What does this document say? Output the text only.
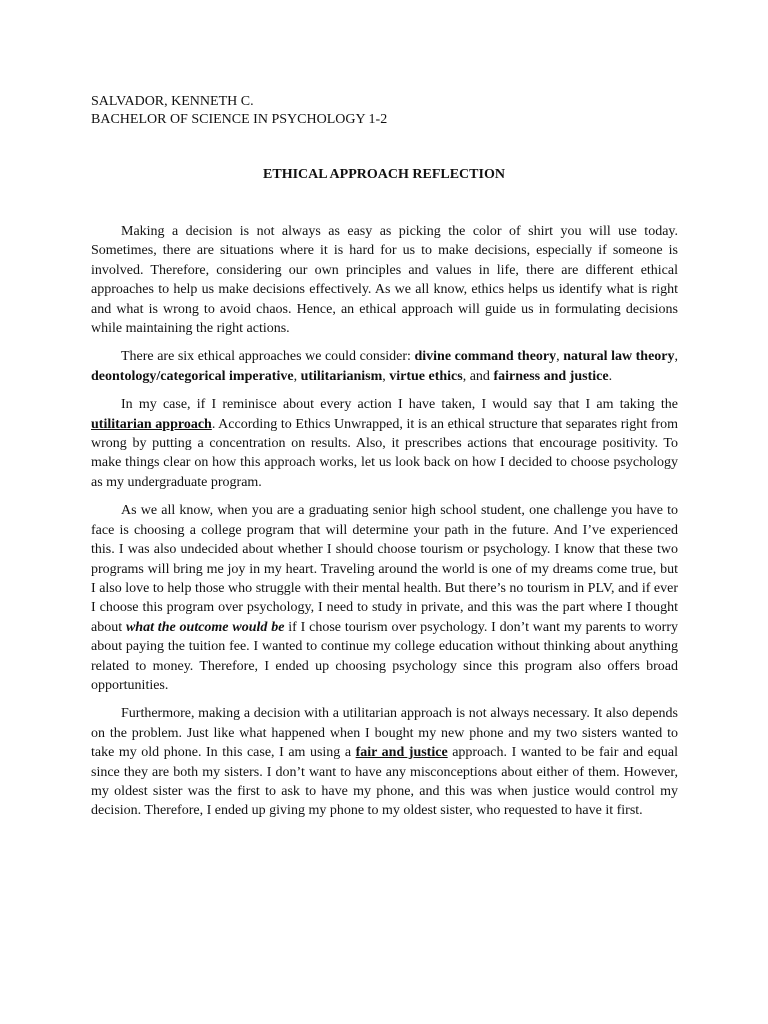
SALVADOR, KENNETH C.
BACHELOR OF SCIENCE IN PSYCHOLOGY 1-2
ETHICAL APPROACH REFLECTION

Making a decision is not always as easy as picking the color of shirt you will use today. Sometimes, there are situations where it is hard for us to make decisions, especially if someone is involved. Therefore, considering our own principles and values in life, there are different ethical approaches to help us make decisions effectively. As we all know, ethics helps us identify what is right and what is wrong to avoid chaos. Hence, an ethical approach will guide us in formulating decisions while maintaining the right actions.

There are six ethical approaches we could consider: divine command theory, natural law theory, deontology/categorical imperative, utilitarianism, virtue ethics, and fairness and justice.

In my case, if I reminisce about every action I have taken, I would say that I am taking the utilitarian approach. According to Ethics Unwrapped, it is an ethical structure that separates right from wrong by putting a concentration on results. Also, it prescribes actions that encourage positivity. To make things clear on how this approach works, let us look back on how I decided to choose psychology as my undergraduate program.

As we all know, when you are a graduating senior high school student, one challenge you have to face is choosing a college program that will determine your path in the future. And I’ve experienced this. I was also undecided about whether I should choose tourism or psychology. I know that these two programs will bring me joy in my heart. Traveling around the world is one of my dreams come true, but I also love to help those who struggle with their mental health. But there’s no tourism in PLV, and if ever I choose this program over psychology, I need to study in private, and this was the part where I thought about what the outcome would be if I chose tourism over psychology. I don’t want my parents to worry about paying the tuition fee. I wanted to continue my college education without thinking about anything related to money. Therefore, I ended up choosing psychology since this program also offers broad opportunities.

Furthermore, making a decision with a utilitarian approach is not always necessary. It also depends on the problem. Just like what happened when I bought my new phone and my two sisters wanted to take my old phone. In this case, I am using a fair and justice approach. I wanted to be fair and equal since they are both my sisters. I don’t want to have any misconceptions about either of them. However, my oldest sister was the first to ask to have my phone, and this was when justice would control my decision. Therefore, I ended up giving my phone to my oldest sister, who requested to have it first.
